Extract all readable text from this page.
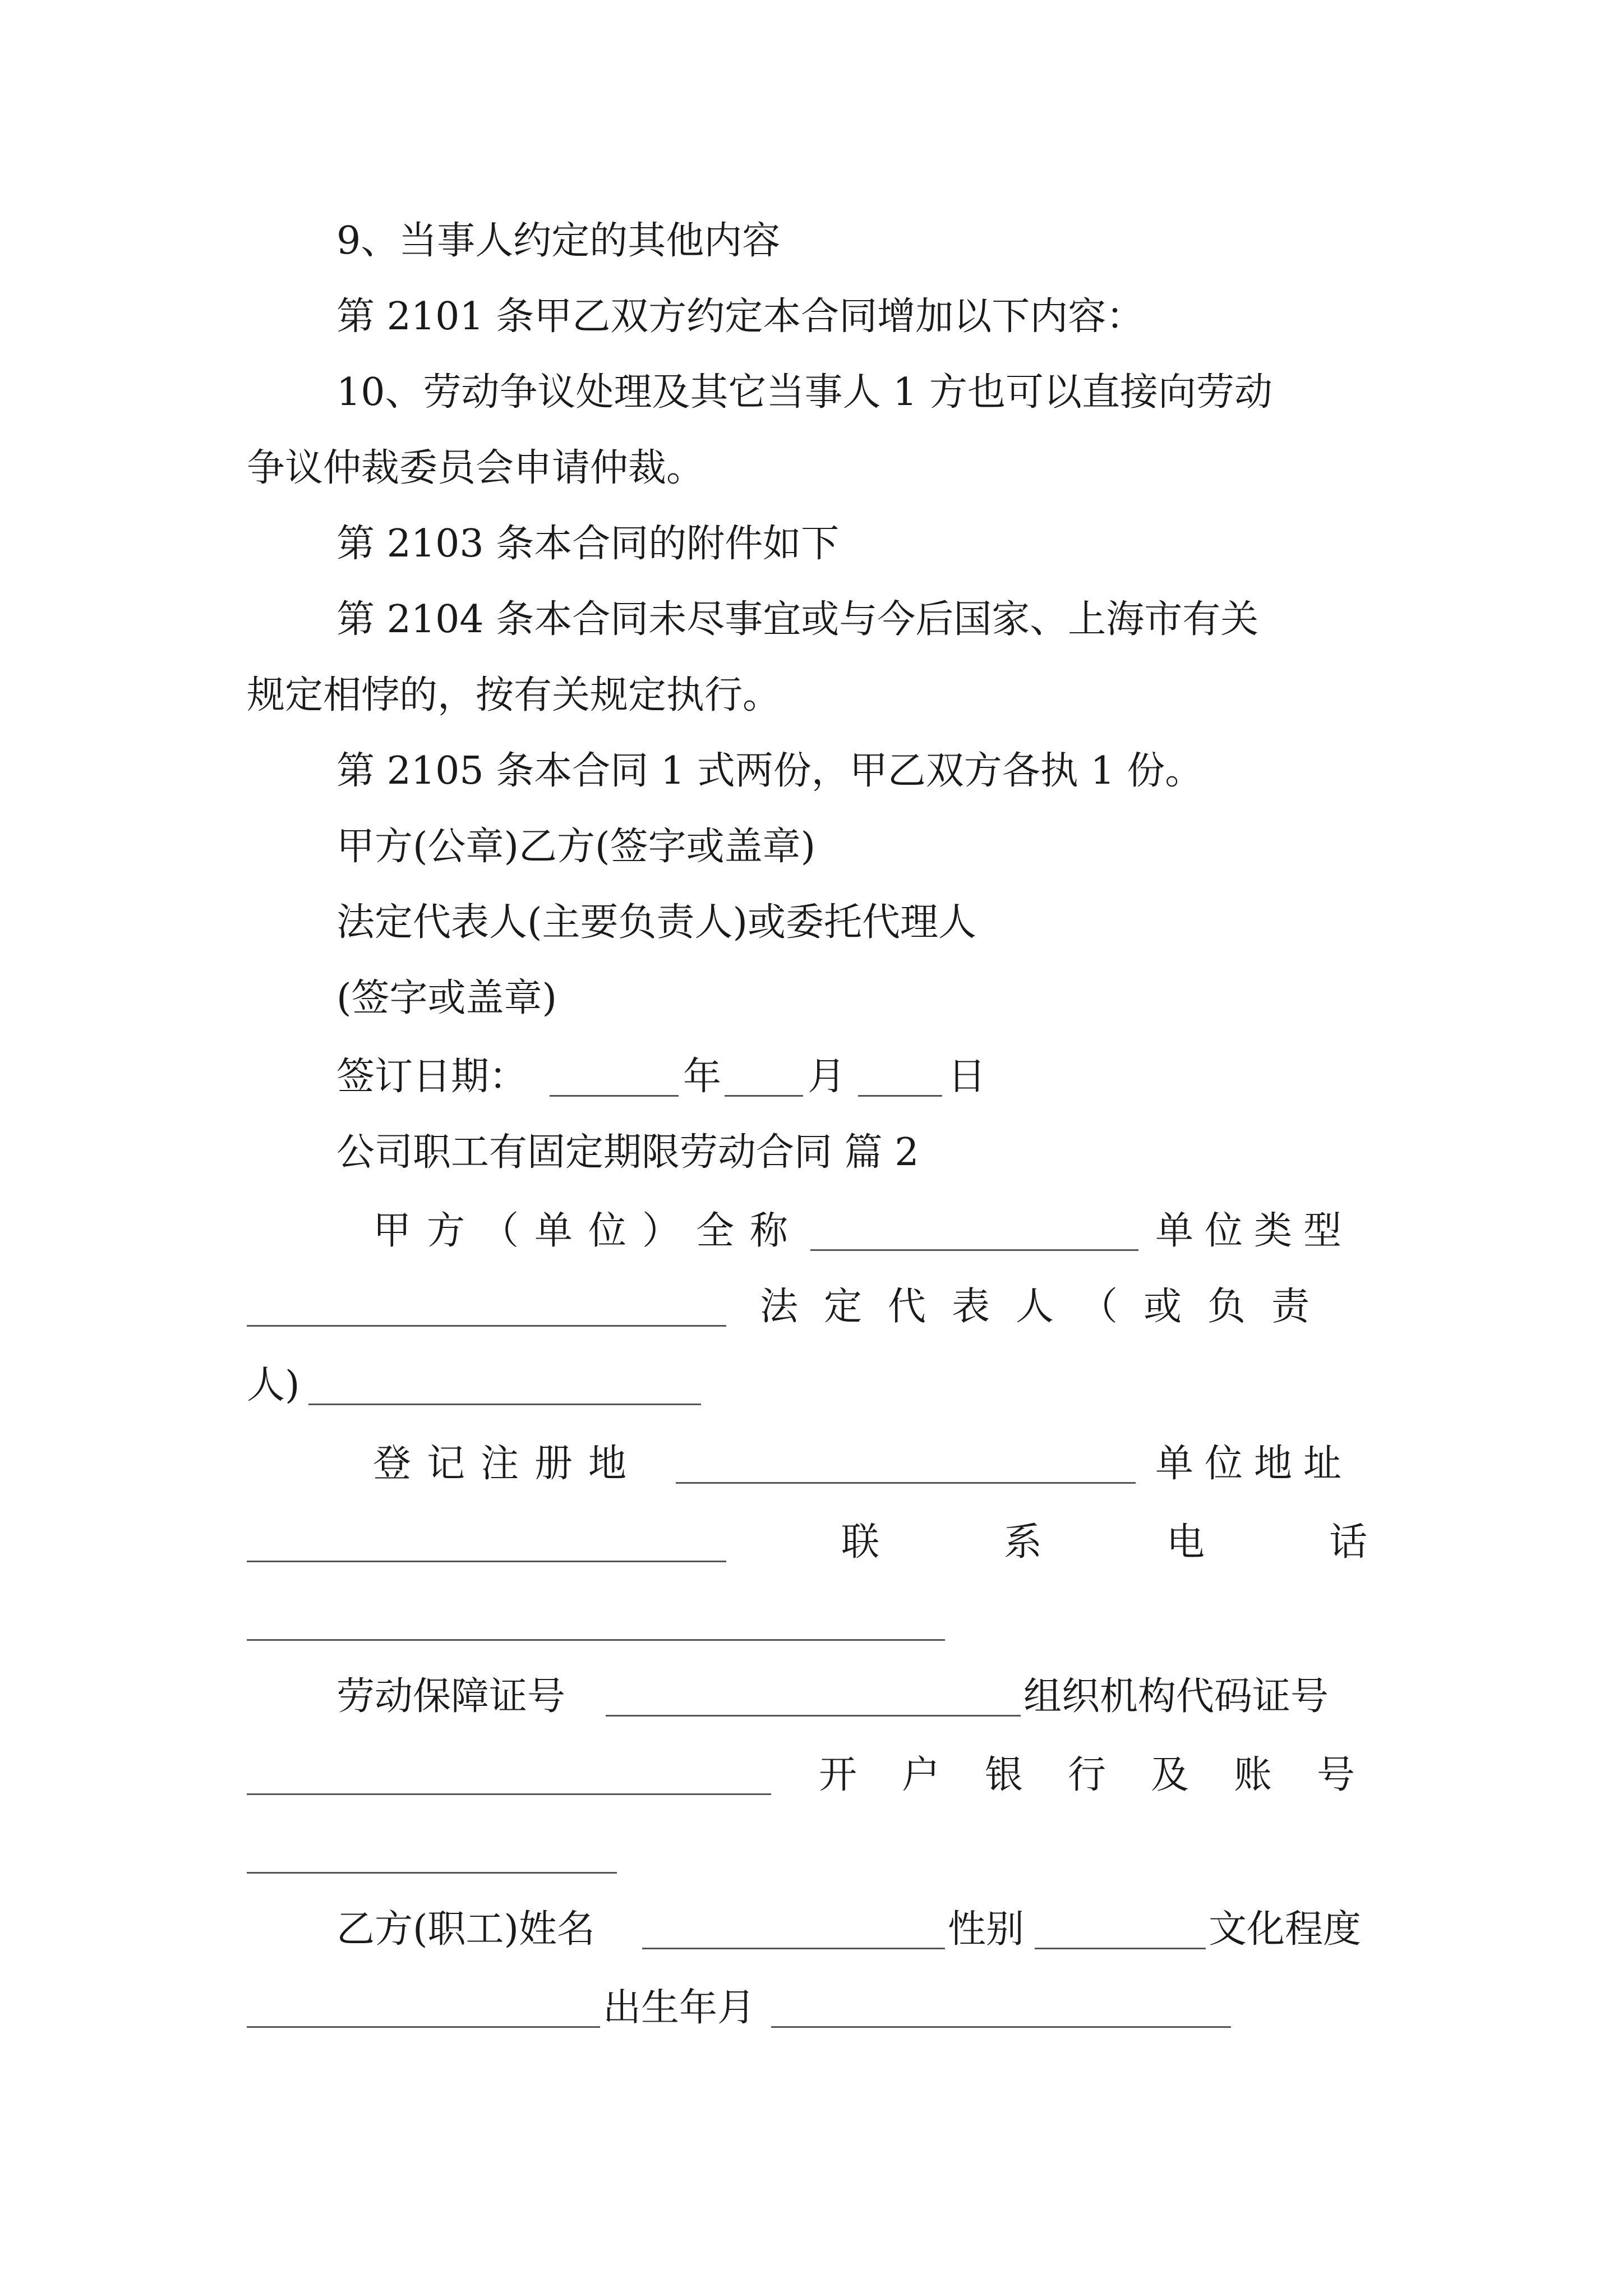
9、当事人约定的其他内容
第 2101 条甲乙双方约定本合同增加以下内容：
10、劳动争议处理及其它当事人 1 方也可以直接向劳动
争议仲裁委员会申请仲裁。
第 2103 条本合同的附件如下
第 2104 条本合同未尽事宜或与今后国家、上海市有关
规定相悖的，按有关规定执行。
第 2105 条本合同 1 式两份，甲乙双方各执 1 份。
甲方(公章)乙方(签字或盖章)
法定代表人(主要负责人)或委托代理人
(签字或盖章)
签订日期：	年 月	日
公司职工有固定期限劳动合同 篇 2
甲方（单位）全称	单位类型
法定代表人（或负责
人)
登记注册地	单位地址
联系电话
劳动保障证号	组织机构代码证号
开户银行及账号
乙方(职工)姓名	性别	文化程度
出生年月
